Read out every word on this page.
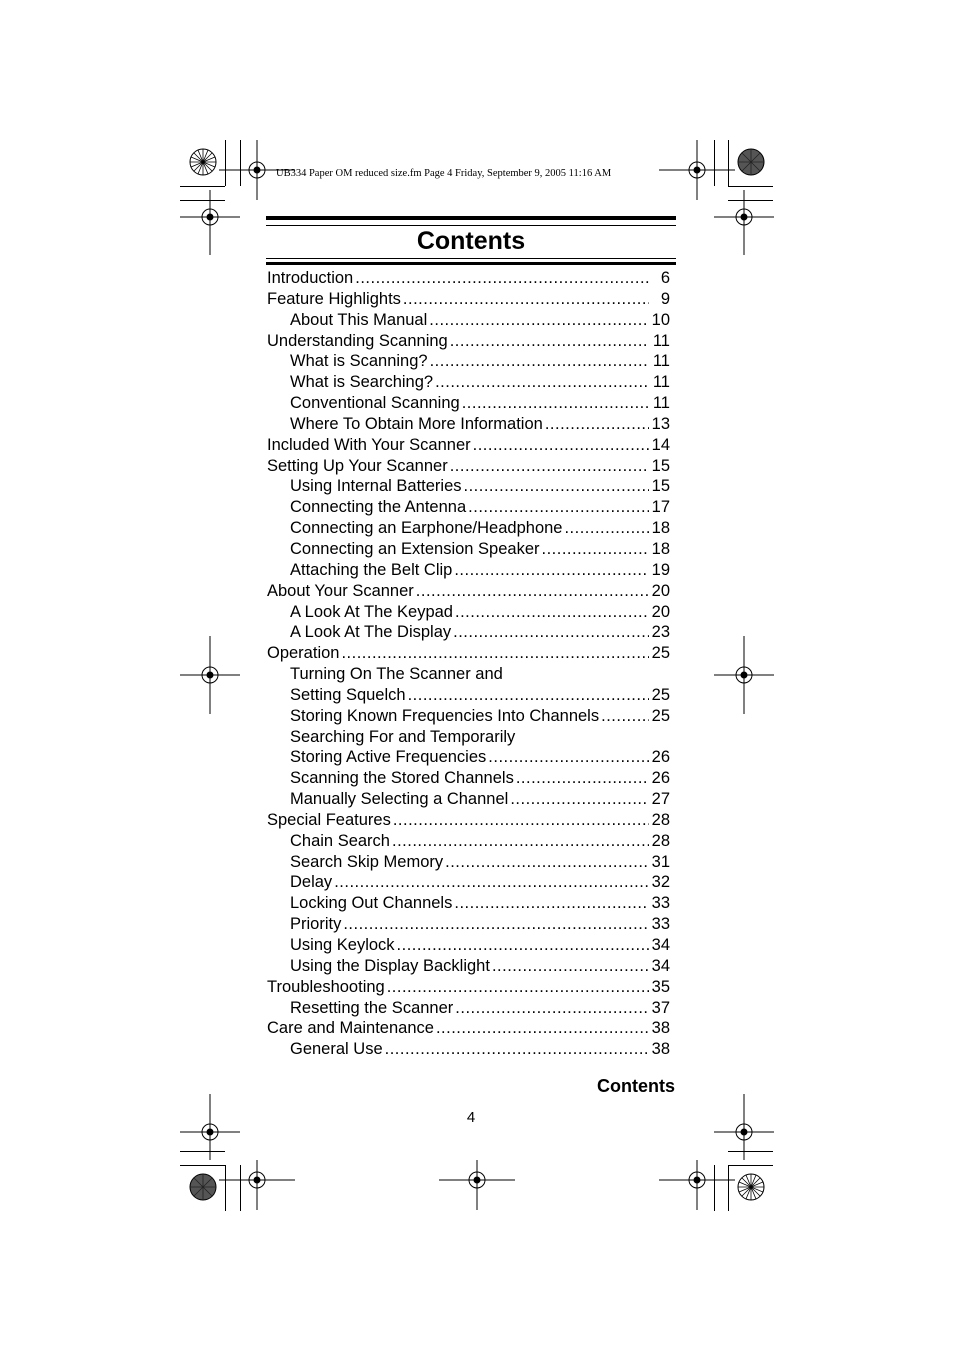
UB334 Paper OM reduced size.fm Page 4 Friday, September 9, 2005 11:16 AM
Contents
Introduction .....	6
Feature Highlights .....	9
About This Manual .....	10
Understanding Scanning .....	11
What is Scanning? .....	11
What is Searching? .....	11
Conventional Scanning .....	11
Where To Obtain More Information .....	13
Included With Your Scanner .....	14
Setting Up Your Scanner .....	15
Using Internal Batteries .....	15
Connecting the Antenna .....	17
Connecting an Earphone/Headphone .....	18
Connecting an Extension Speaker .....	18
Attaching the Belt Clip .....	19
About Your Scanner .....	20
A Look At The Keypad .....	20
A Look At The Display .....	23
Operation .....	25
Turning On The Scanner and
Setting Squelch .....	25
Storing Known Frequencies Into Channels .....	25
Searching For and Temporarily
Storing Active Frequencies .....	26
Scanning the Stored Channels .....	26
Manually Selecting a Channel .....	27
Special Features .....	28
Chain Search .....	28
Search Skip Memory .....	31
Delay .....	32
Locking Out Channels .....	33
Priority .....	33
Using Keylock .....	34
Using the Display Backlight .....	34
Troubleshooting .....	35
Resetting the Scanner .....	37
Care and Maintenance .....	38
General Use .....	38
Contents
4
